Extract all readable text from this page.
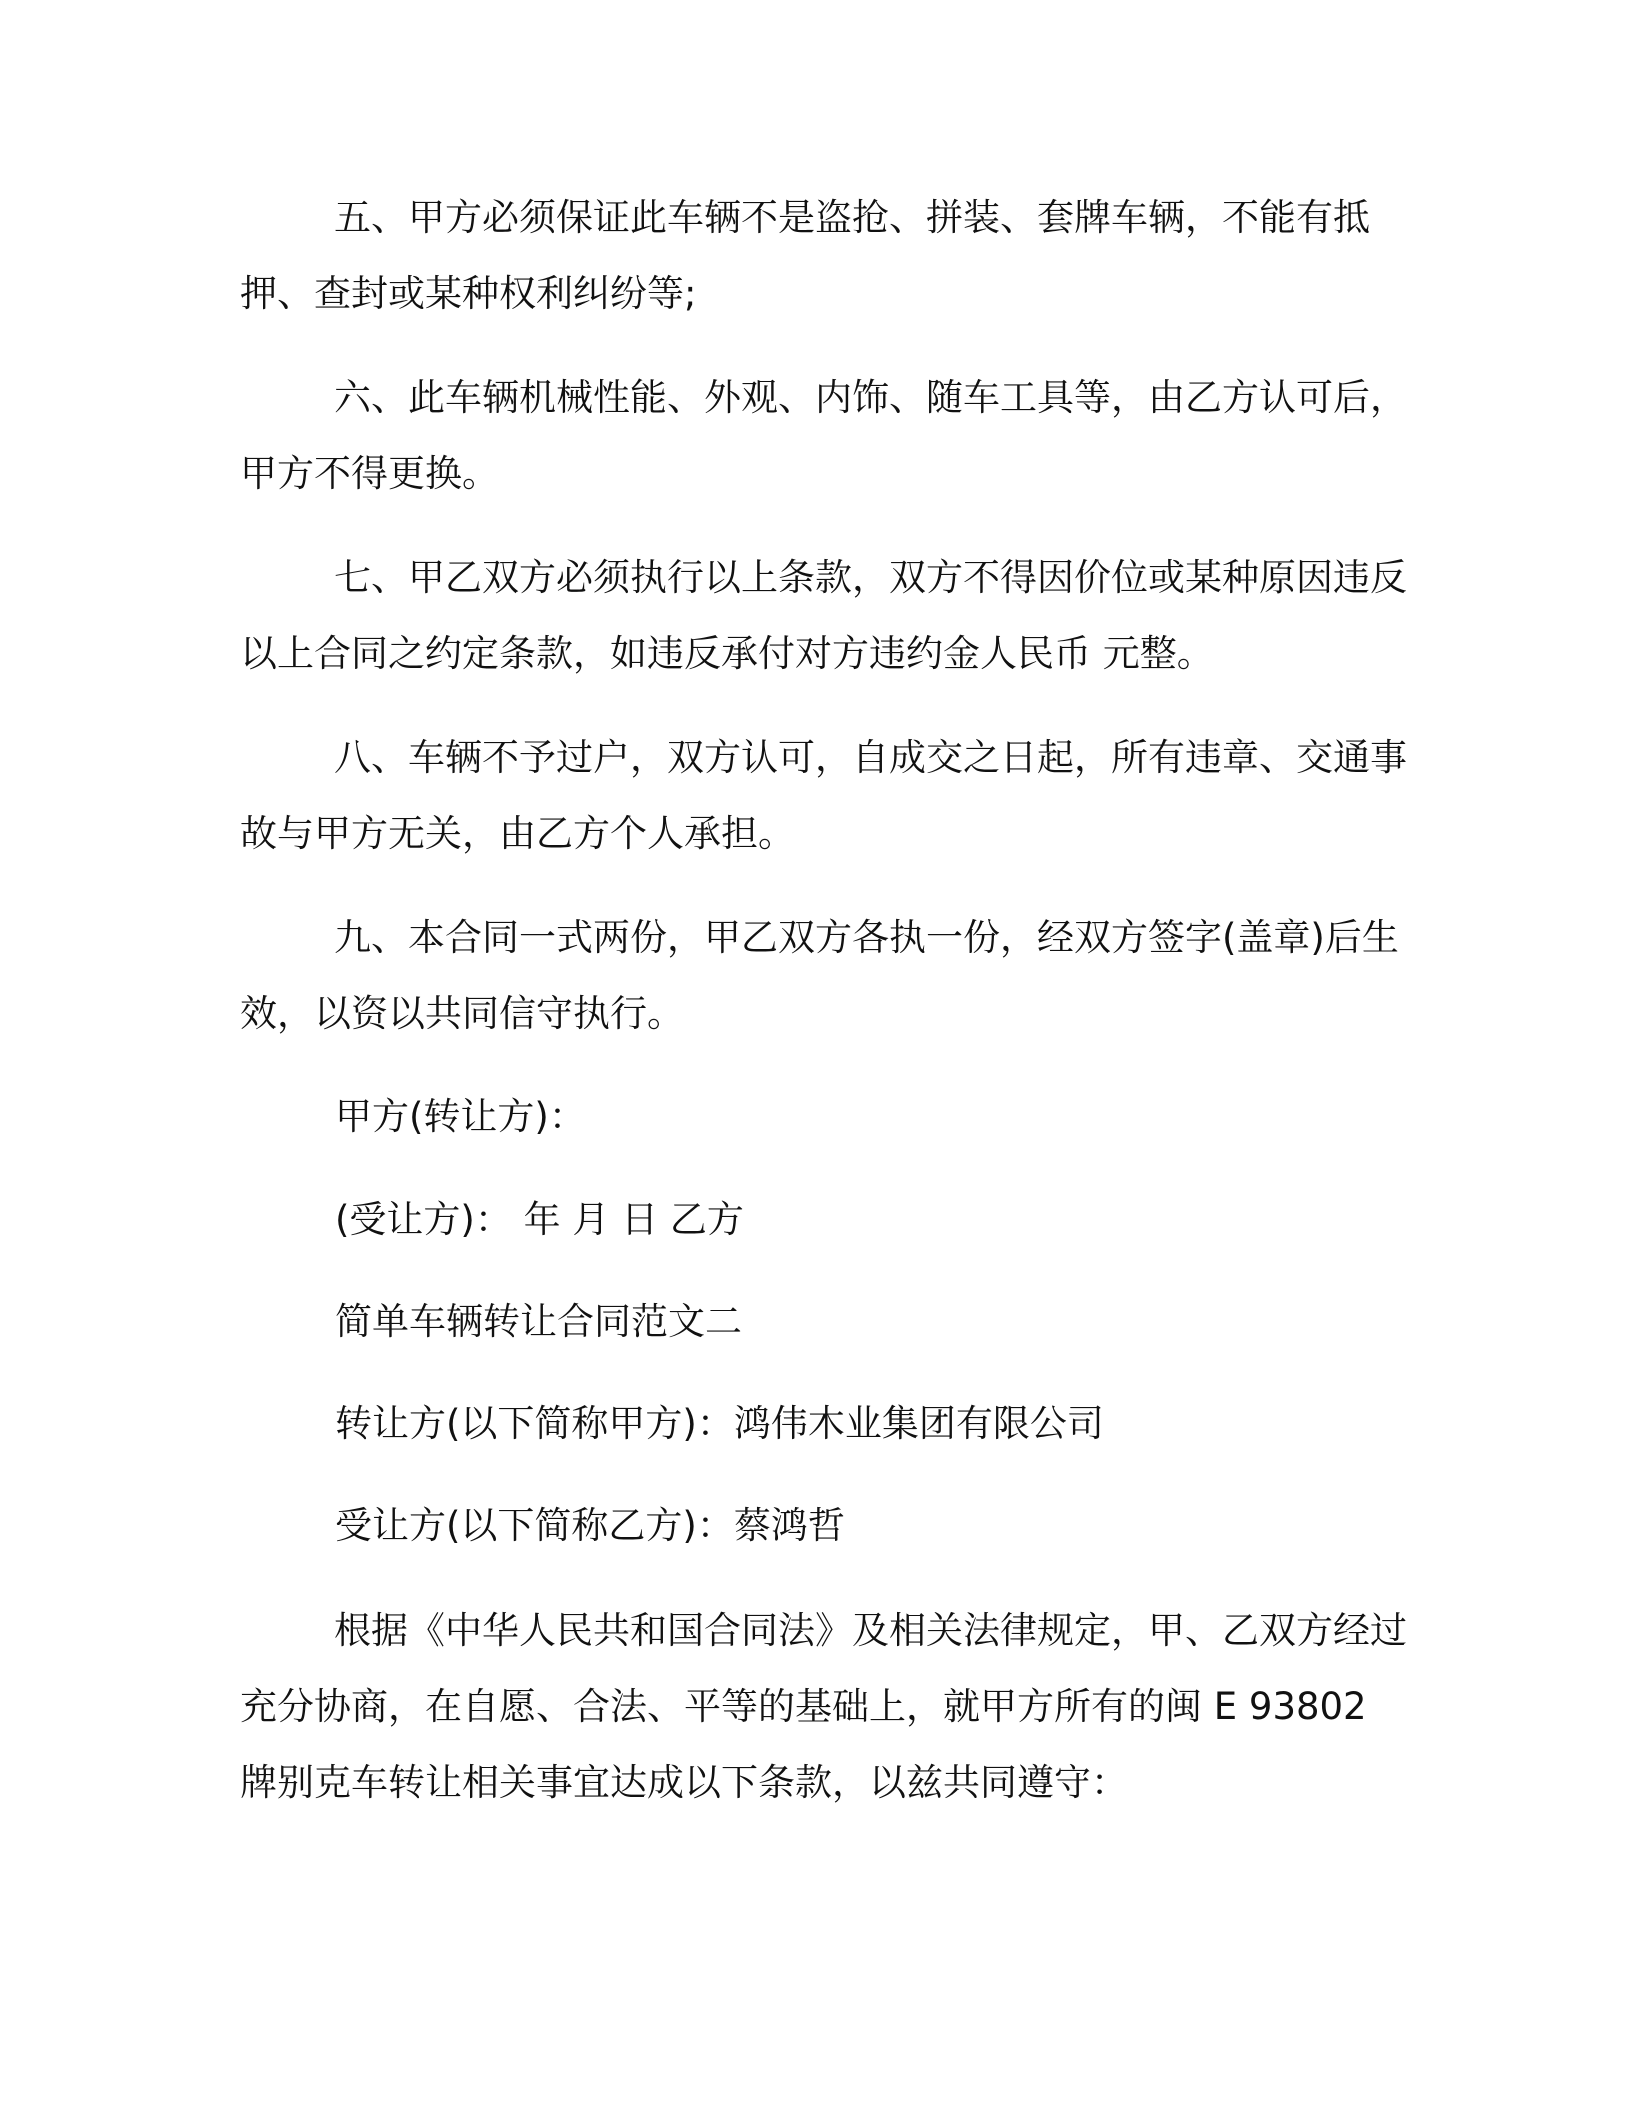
五、甲方必须保证此车辆不是盗抢、拼装、套牌车辆，不能有抵押、查封或某种权利纠纷等;

六、此车辆机械性能、外观、内饰、随车工具等，由乙方认可后，甲方不得更换。

七、甲乙双方必须执行以上条款，双方不得因价位或某种原因违反以上合同之约定条款，如违反承付对方违约金人民币 元整。

八、车辆不予过户，双方认可，自成交之日起，所有违章、交通事故与甲方无关，由乙方个人承担。

九、本合同一式两份，甲乙双方各执一份，经双方签字(盖章)后生效，以资以共同信守执行。

甲方(转让方)：

(受让方)： 年 月 日 乙方

简单车辆转让合同范文二

转让方(以下简称甲方)：鸿伟木业集团有限公司

受让方(以下简称乙方)：蔡鸿哲

根据《中华人民共和国合同法》及相关法律规定，甲、乙双方经过充分协商，在自愿、合法、平等的基础上，就甲方所有的闽 E 93802 牌别克车转让相关事宜达成以下条款，以兹共同遵守：
